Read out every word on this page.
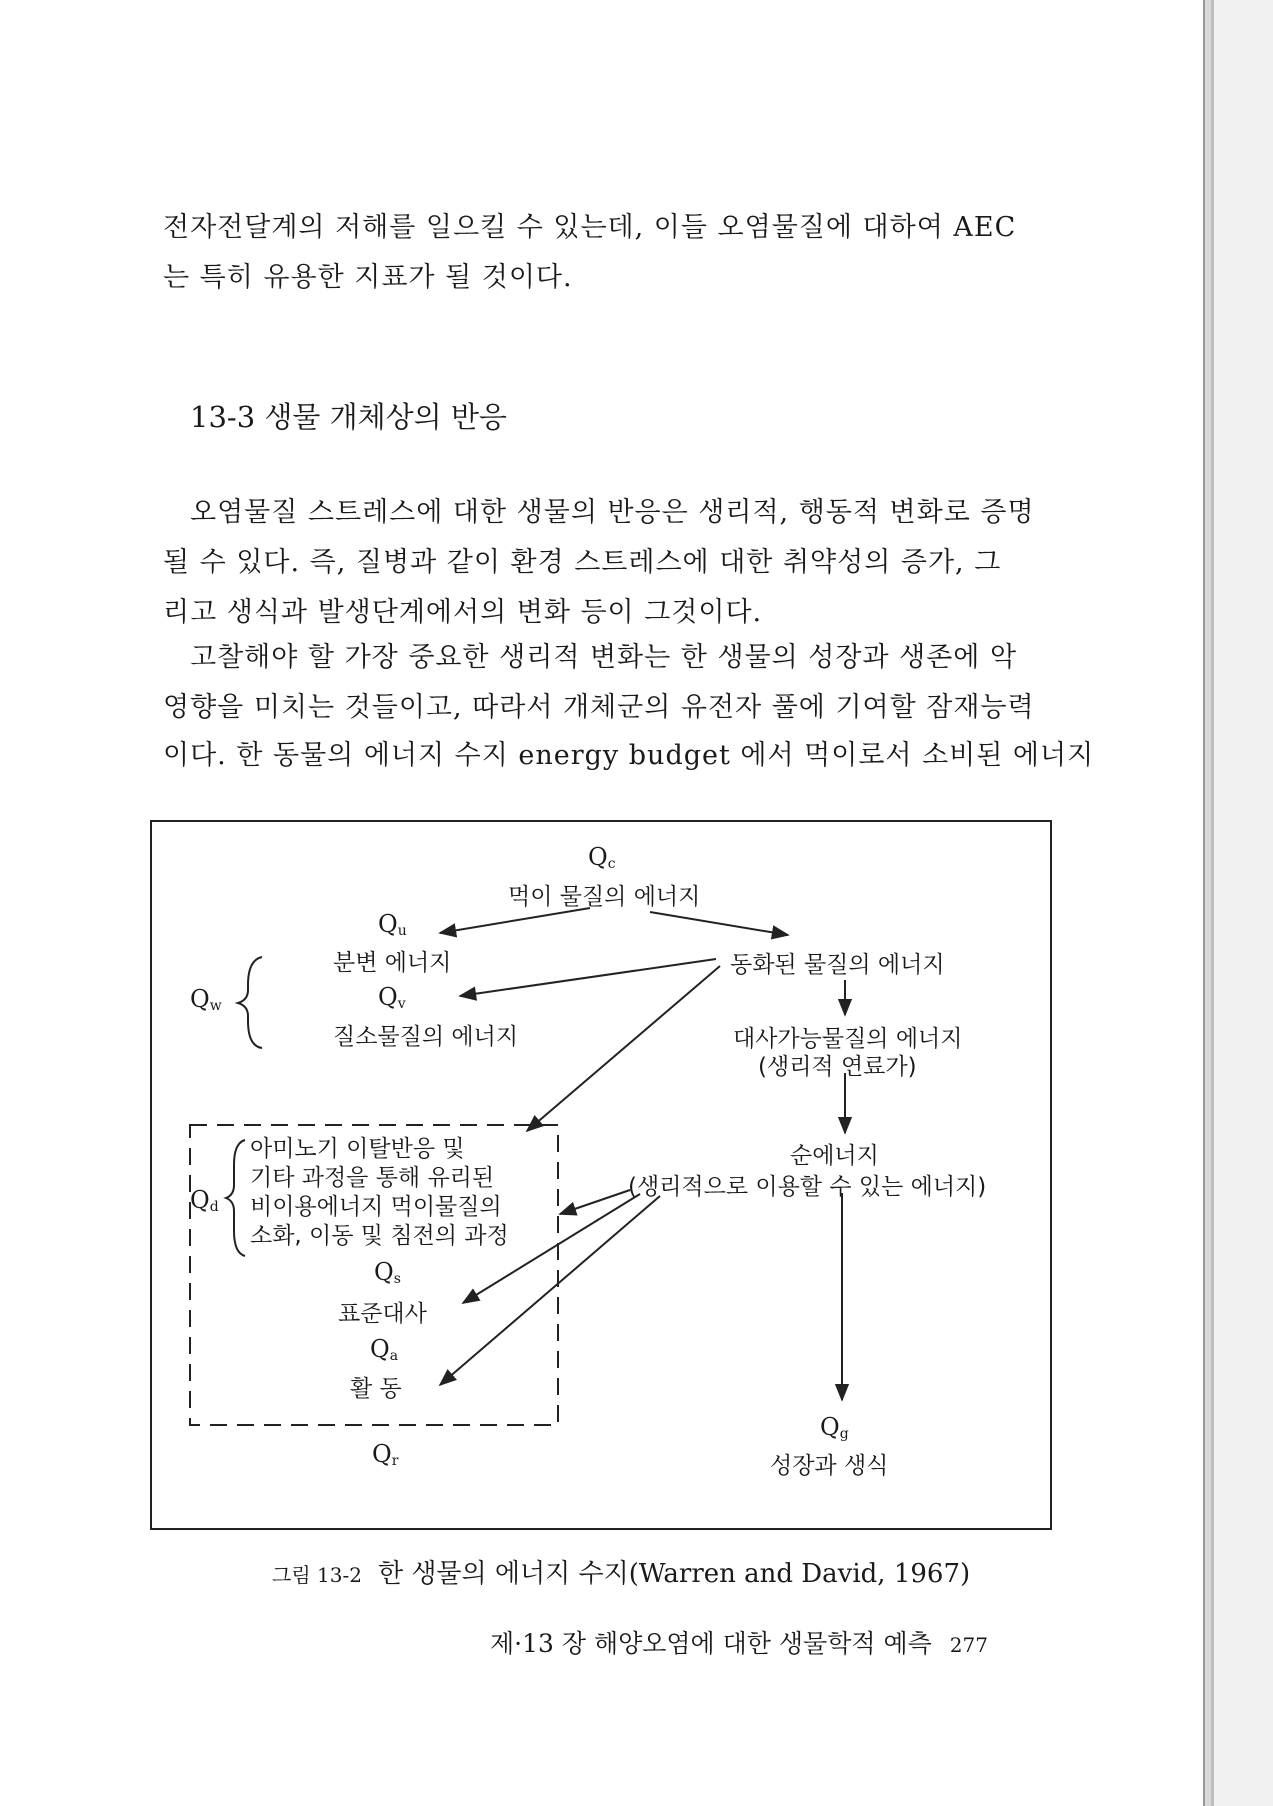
전자전달계의 저해를 일으킬 수 있는데, 이들 오염물질에 대하여 AEC
는 특히 유용한 지표가 될 것이다.
13-3 생물 개체상의 반응
오염물질 스트레스에 대한 생물의 반응은 생리적, 행동적 변화로 증명
될 수 있다. 즉, 질병과 같이 환경 스트레스에 대한 취약성의 증가, 그
리고 생식과 발생단계에서의 변화 등이 그것이다.
고찰해야 할 가장 중요한 생리적 변화는 한 생물의 성장과 생존에 악
영향을 미치는 것들이고, 따라서 개체군의 유전자 풀에 기여할 잠재능력
이다. 한 동물의 에너지 수지 energy budget 에서 먹이로서 소비된 에너지
$Q_c$
먹이 물질의 에너지
$Q_u$
분변 에너지	동화된 물질의 에너지
$Q_w$	$Q_v$
질소물질의 에너지	대사가능물질의 에너지
(생리적 연료가)
순에너지
(생리적으로 이용할 수 있는 에너지)
$Q_d$
아미노기 이탈반응 및
기타 과정을 통해 유리된
비이용에너지 먹이물질의
소화, 이동 및 침전의 과정
$Q_s$
표준대사
$Q_a$
활 동
$Q_r$
$Q_g$
성장과 생식
그림 13-2 한 생물의 에너지 수지(Warren and David, 1967)
제·13 장 해양오염에 대한 생물학적 예측 277
